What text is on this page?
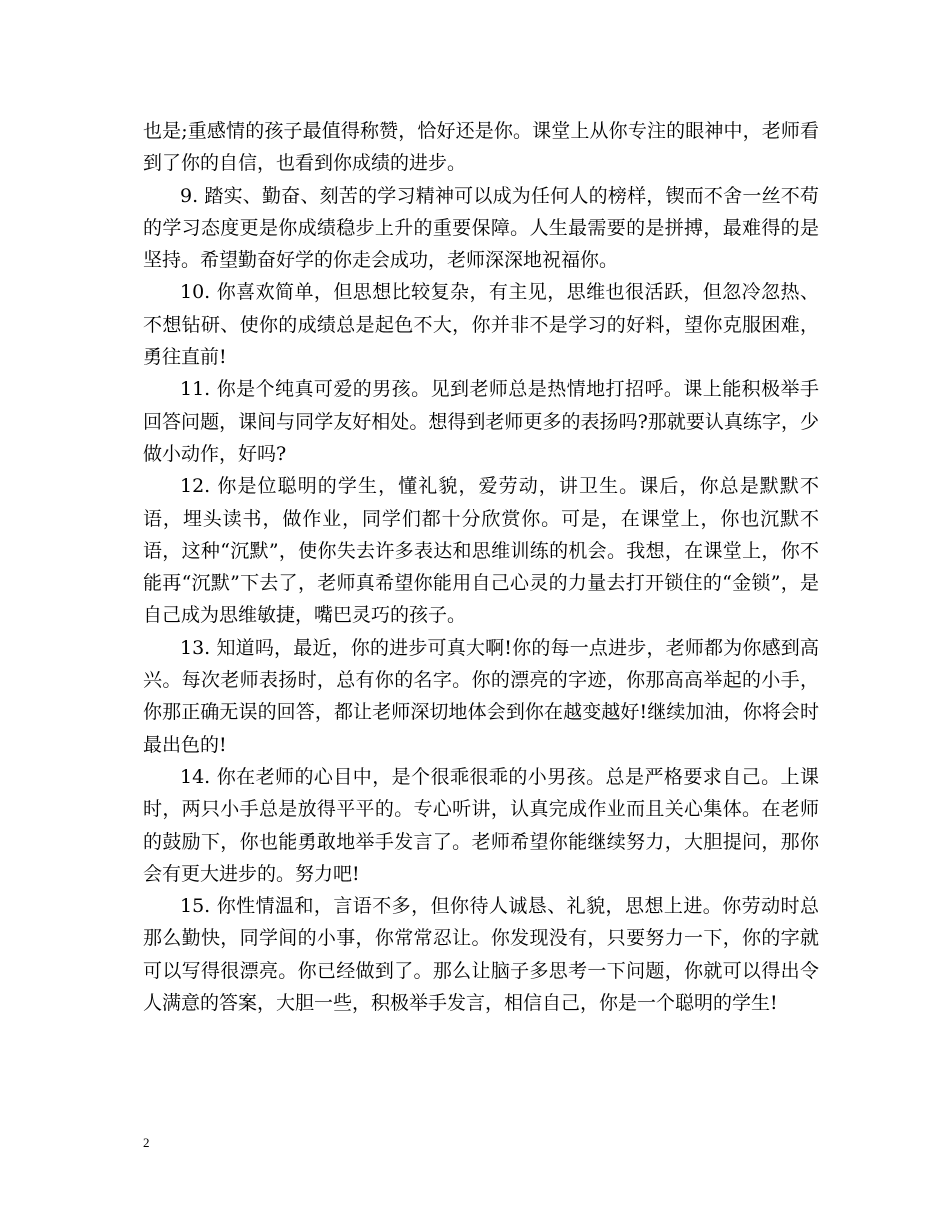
也是;重感情的孩子最值得称赞，恰好还是你。课堂上从你专注的眼神中，老师看到了你的自信，也看到你成绩的进步。

9. 踏实、勤奋、刻苦的学习精神可以成为任何人的榜样，锲而不舍一丝不苟的学习态度更是你成绩稳步上升的重要保障。人生最需要的是拼搏，最难得的是坚持。希望勤奋好学的你走会成功，老师深深地祝福你。

10. 你喜欢简单，但思想比较复杂，有主见，思维也很活跃，但忽冷忽热、不想钻研、使你的成绩总是起色不大，你并非不是学习的好料，望你克服困难，勇往直前!

11. 你是个纯真可爱的男孩。见到老师总是热情地打招呼。课上能积极举手回答问题，课间与同学友好相处。想得到老师更多的表扬吗?那就要认真练字，少做小动作，好吗?

12. 你是位聪明的学生，懂礼貌，爱劳动，讲卫生。课后，你总是默默不语，埋头读书，做作业，同学们都十分欣赏你。可是，在课堂上，你也沉默不语，这种“沉默”，使你失去许多表达和思维训练的机会。我想，在课堂上，你不能再“沉默”下去了，老师真希望你能用自己心灵的力量去打开锁住的“金锁”，是自己成为思维敏捷，嘴巴灵巧的孩子。

13. 知道吗，最近，你的进步可真大啊!你的每一点进步，老师都为你感到高兴。每次老师表扬时，总有你的名字。你的漂亮的字迹，你那高高举起的小手，你那正确无误的回答，都让老师深切地体会到你在越变越好!继续加油，你将会时最出色的!

14. 你在老师的心目中，是个很乖很乖的小男孩。总是严格要求自己。上课时，两只小手总是放得平平的。专心听讲，认真完成作业而且关心集体。在老师的鼓励下，你也能勇敢地举手发言了。老师希望你能继续努力，大胆提问，那你会有更大进步的。努力吧!

15. 你性情温和，言语不多，但你待人诚恳、礼貌，思想上进。你劳动时总那么勤快，同学间的小事，你常常忍让。你发现没有，只要努力一下，你的字就可以写得很漂亮。你已经做到了。那么让脑子多思考一下问题，你就可以得出令人满意的答案，大胆一些，积极举手发言，相信自己，你是一个聪明的学生!

2
